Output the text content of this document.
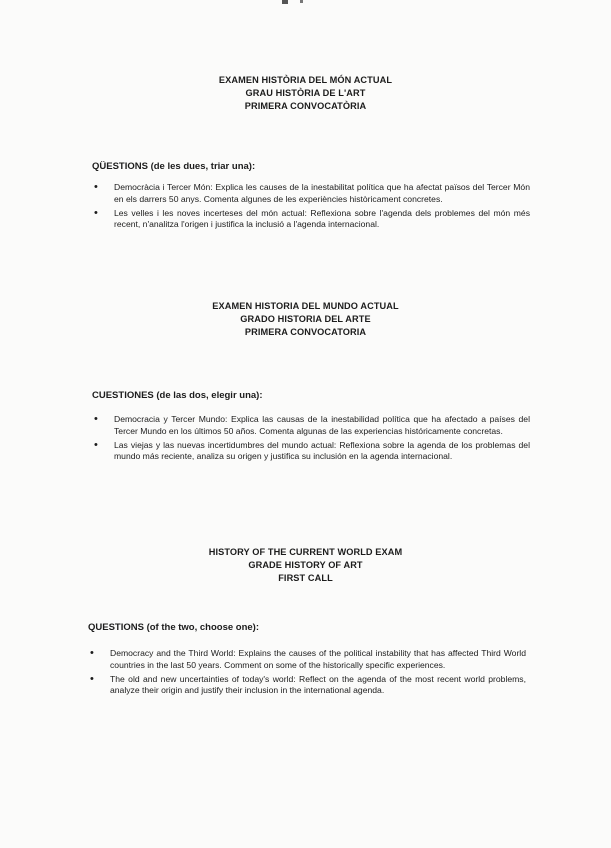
EXAMEN HISTÒRIA DEL MÓN ACTUAL
GRAU HISTÒRIA DE L'ART
PRIMERA CONVOCATÒRIA
QÜESTIONS (de les dues, triar una):
• Democràcia i Tercer Món: Explica les causes de la inestabilitat política que ha afectat països del Tercer Món en els darrers 50 anys. Comenta algunes de les experiències històricament concretes.
• Les velles i les noves incerteses del món actual: Reflexiona sobre l'agenda dels problemes del món més recent, n'analitza l'origen i justifica la inclusió a l'agenda internacional.
EXAMEN HISTORIA DEL MUNDO ACTUAL
GRADO HISTORIA DEL ARTE
PRIMERA CONVOCATORIA
CUESTIONES (de las dos, elegir una):
• Democracia y Tercer Mundo: Explica las causas de la inestabilidad política que ha afectado a países del Tercer Mundo en los últimos 50 años. Comenta algunas de las experiencias históricamente concretas.
• Las viejas y las nuevas incertidumbres del mundo actual: Reflexiona sobre la agenda de los problemas del mundo más reciente, analiza su origen y justifica su inclusión en la agenda internacional.
HISTORY OF THE CURRENT WORLD EXAM
GRADE HISTORY OF ART
FIRST CALL
QUESTIONS (of the two, choose one):
• Democracy and the Third World: Explains the causes of the political instability that has affected Third World countries in the last 50 years. Comment on some of the historically specific experiences.
• The old and new uncertainties of today's world: Reflect on the agenda of the most recent world problems, analyze their origin and justify their inclusion in the international agenda.
